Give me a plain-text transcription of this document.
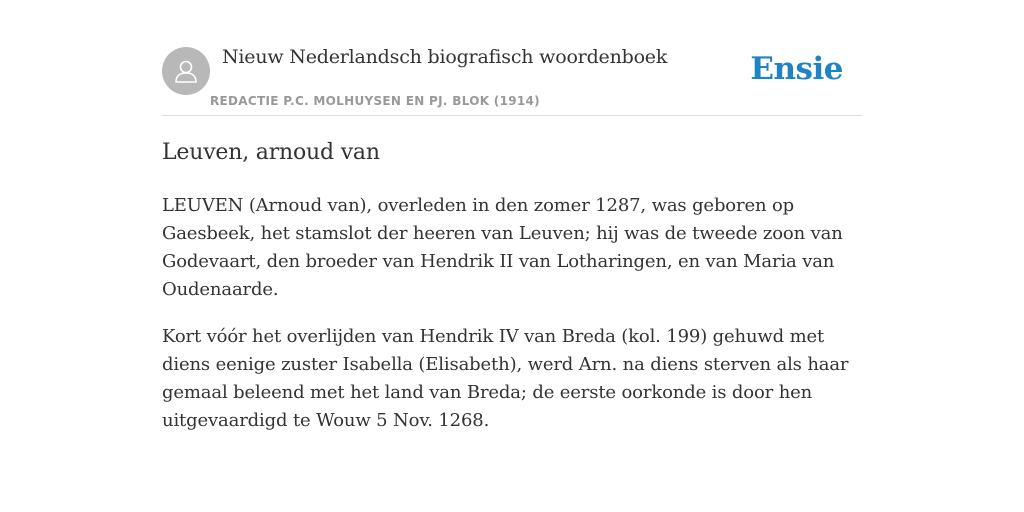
Nieuw Nederlandsch biografisch woordenboek
REDACTIE P.C. MOLHUYSEN EN PJ. BLOK (1914)
Ensie
Leuven, arnoud van

LEUVEN (Arnoud van), overleden in den zomer 1287, was geboren op Gaesbeek, het stamslot der heeren van Leuven; hij was de tweede zoon van Godevaart, den broeder van Hendrik II van Lotharingen, en van Maria van Oudenaarde.

Kort vóór het overlijden van Hendrik IV van Breda (kol. 199) gehuwd met diens eenige zuster Isabella (Elisabeth), werd Arn. na diens sterven als haar gemaal beleend met het land van Breda; de eerste oorkonde is door hen uitgevaardigd te Wouw 5 Nov. 1268.
